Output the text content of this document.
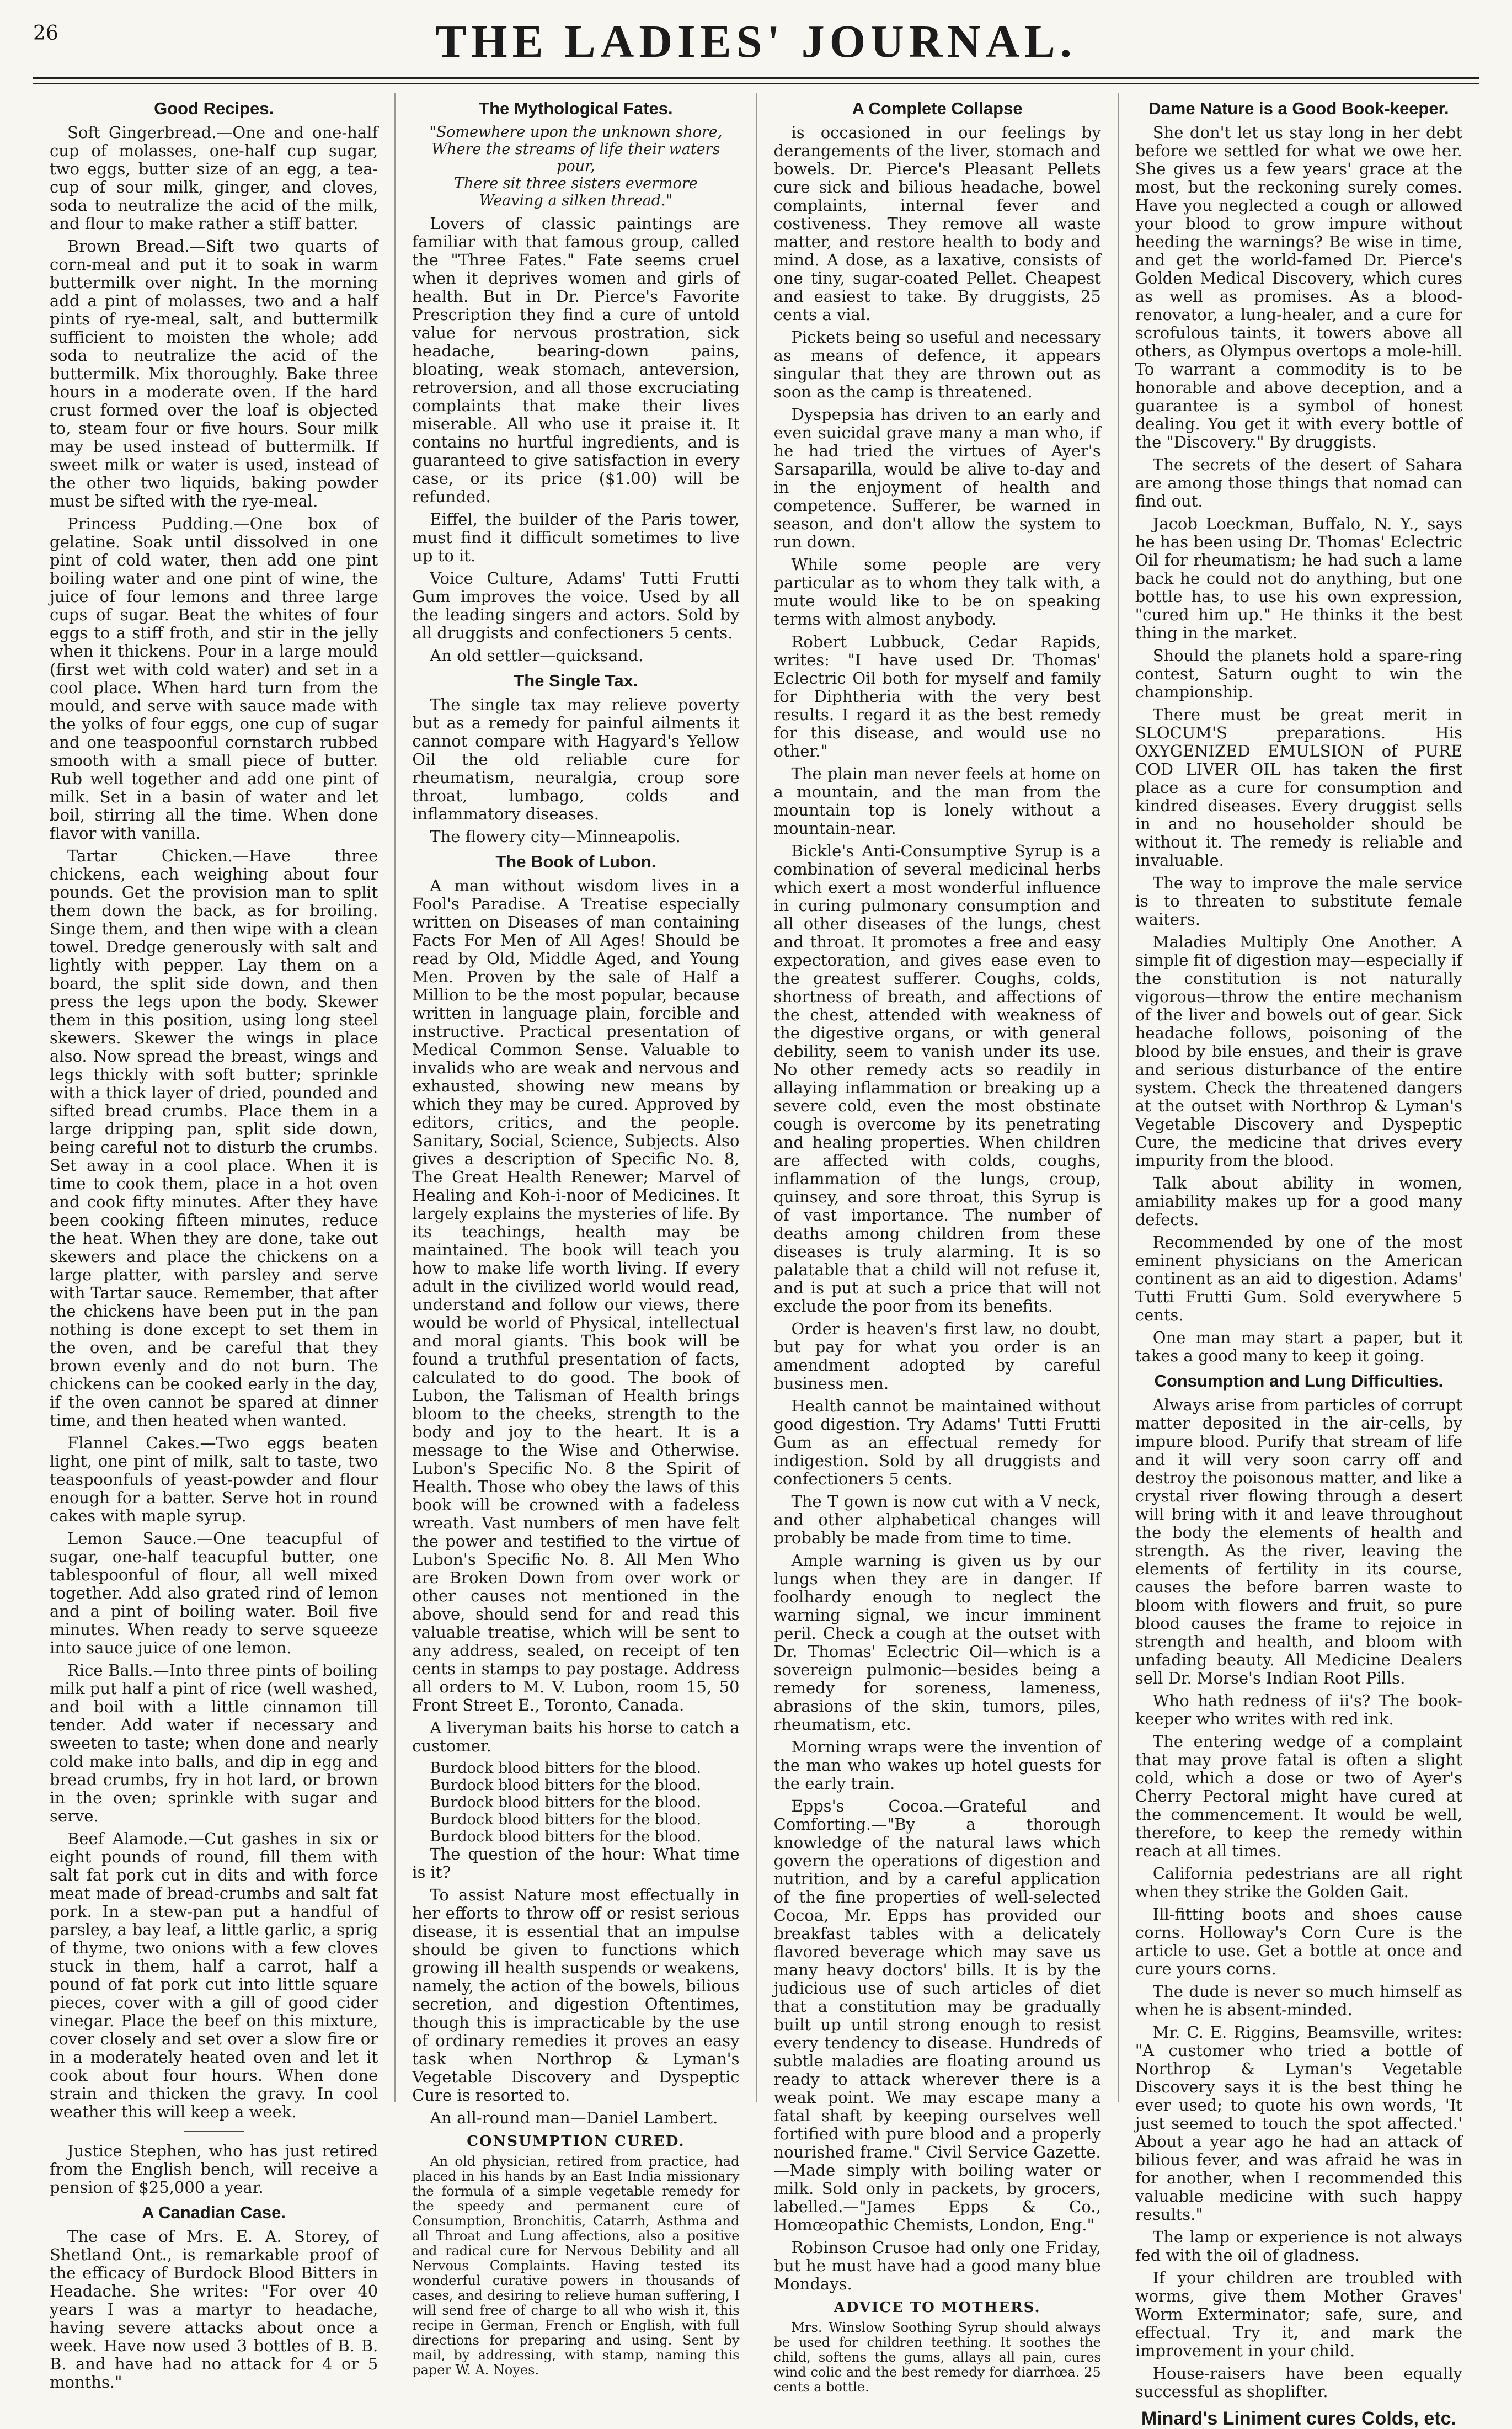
26	THE LADIES' JOURNAL.
Good Recipes.

Soft Gingerbread.—One and one-half cup of molasses, one-half cup sugar, two eggs, butter size of an egg, a tea-cup of sour milk, ginger, and cloves, soda to neutralize the acid of the milk, and flour to make rather a stiff batter.

Brown Bread.—Sift two quarts of corn-meal and put it to soak in warm buttermilk over night. In the morning add a pint of molasses, two and a half pints of rye-meal, salt, and buttermilk sufficient to moisten the whole; add soda to neutralize the acid of the buttermilk. Mix thoroughly. Bake three hours in a moderate oven. If the hard crust formed over the loaf is objected to, steam four or five hours. Sour milk may be used instead of buttermilk. If sweet milk or water is used, instead of the other two liquids, baking powder must be sifted with the rye-meal.

Princess Pudding.—One box of gelatine. Soak until dissolved in one pint of cold water, then add one pint boiling water and one pint of wine, the juice of four lemons and three large cups of sugar. Beat the whites of four eggs to a stiff froth, and stir in the jelly when it thickens. Pour in a large mould (first wet with cold water) and set in a cool place. When hard turn from the mould, and serve with sauce made with the yolks of four eggs, one cup of sugar and one teaspoonful cornstarch rubbed smooth with a small piece of butter. Rub well together and add one pint of milk. Set in a basin of water and let boil, stirring all the time. When done flavor with vanilla.

Tartar Chicken.—Have three chickens, each weighing about four pounds. Get the provision man to split them down the back, as for broiling. Singe them, and then wipe with a clean towel. Dredge generously with salt and lightly with pepper. Lay them on a board, the split side down, and then press the legs upon the body. Skewer them in this position, using long steel skewers. Skewer the wings in place also. Now spread the breast, wings and legs thickly with soft butter; sprinkle with a thick layer of dried, pounded and sifted bread crumbs. Place them in a large dripping pan, split side down, being careful not to disturb the crumbs. Set away in a cool place. When it is time to cook them, place in a hot oven and cook fifty minutes. After they have been cooking fifteen minutes, reduce the heat. When they are done, take out skewers and place the chickens on a large platter, with parsley and serve with Tartar sauce. Remember, that after the chickens have been put in the pan nothing is done except to set them in the oven, and be careful that they brown evenly and do not burn. The chickens can be cooked early in the day, if the oven cannot be spared at dinner time, and then heated when wanted.

Flannel Cakes.—Two eggs beaten light, one pint of milk, salt to taste, two teaspoonfuls of yeast-powder and flour enough for a batter. Serve hot in round cakes with maple syrup.

Lemon Sauce.—One teacupful of sugar, one-half teacupful butter, one tablespoonful of flour, all well mixed together. Add also grated rind of lemon and a pint of boiling water. Boil five minutes. When ready to serve squeeze into sauce juice of one lemon.

Rice Balls.—Into three pints of boiling milk put half a pint of rice (well washed, and boil with a little cinnamon till tender. Add water if necessary and sweeten to taste; when done and nearly cold make into balls, and dip in egg and bread crumbs, fry in hot lard, or brown in the oven; sprinkle with sugar and serve.

Beef Alamode.—Cut gashes in six or eight pounds of round, fill them with salt fat pork cut in dits and with force meat made of bread-crumbs and salt fat pork. In a stew-pan put a handful of parsley, a bay leaf, a little garlic, a sprig of thyme, two onions with a few cloves stuck in them, half a carrot, half a pound of fat pork cut into little square pieces, cover with a gill of good cider vinegar. Place the beef on this mixture, cover closely and set over a slow fire or in a moderately heated oven and let it cook about four hours. When done strain and thicken the gravy. In cool weather this will keep a week.

Justice Stephen, who has just retired from the English bench, will receive a pension of $25,000 a year.

A Canadian Case.

The case of Mrs. E. A. Storey, of Shetland Ont., is remarkable proof of the efficacy of Burdock Blood Bitters in Headache. She writes: "For over 40 years I was a martyr to headache, having severe attacks about once a week. Have now used 3 bottles of B. B. B. and have had no attack for 4 or 5 months."

The Mythological Fates.
"Somewhere upon the unknown shore,
Where the streams of life their waters pour,
There sit three sisters evermore
Weaving a silken thread."

Lovers of classic paintings are familiar with that famous group, called the "Three Fates." Fate seems cruel when it deprives women and girls of health. But in Dr. Pierce's Favorite Prescription they find a cure of untold value for nervous prostration, sick headache, bearing-down pains, bloating, weak stomach, anteversion, retroversion, and all those excruciating complaints that make their lives miserable. All who use it praise it. It contains no hurtful ingredients, and is guaranteed to give satisfaction in every case, or its price ($1.00) will be refunded.

Eiffel, the builder of the Paris tower, must find it difficult sometimes to live up to it.

Voice Culture, Adams' Tutti Frutti Gum improves the voice. Used by all the leading singers and actors. Sold by all druggists and confectioners 5 cents.

An old settler—quicksand.

The Single Tax.

The single tax may relieve poverty but as a remedy for painful ailments it cannot compare with Hagyard's Yellow Oil the old reliable cure for rheumatism, neuralgia, croup sore throat, lumbago, colds and inflammatory diseases.

The flowery city—Minneapolis.

The Book of Lubon.

A man without wisdom lives in a Fool's Paradise. A Treatise especially written on Diseases of man containing Facts For Men of All Ages! Should be read by Old, Middle Aged, and Young Men. Proven by the sale of Half a Million to be the most popular, because written in language plain, forcible and instructive. Practical presentation of Medical Common Sense. Valuable to invalids who are weak and nervous and exhausted, showing new means by which they may be cured. Approved by editors, critics, and the people. Sanitary, Social, Science, Subjects. Also gives a description of Specific No. 8, The Great Health Renewer; Marvel of Healing and Koh-i-noor of Medicines. It largely explains the mysteries of life. By its teachings, health may be maintained. The book will teach you how to make life worth living. If every adult in the civilized world would read, understand and follow our views, there would be world of Physical, intellectual and moral giants. This book will be found a truthful presentation of facts, calculated to do good. The book of Lubon, the Talisman of Health brings bloom to the cheeks, strength to the body and joy to the heart. It is a message to the Wise and Otherwise. Lubon's Specific No. 8 the Spirit of Health. Those who obey the laws of this book will be crowned with a fadeless wreath. Vast numbers of men have felt the power and testified to the virtue of Lubon's Specific No. 8. All Men Who are Broken Down from over work or other causes not mentioned in the above, should send for and read this valuable treatise, which will be sent to any address, sealed, on receipt of ten cents in stamps to pay postage. Address all orders to M. V. Lubon, room 15, 50 Front Street E., Toronto, Canada.

A liveryman baits his horse to catch a customer.

Burdock blood bitters for the blood.

Burdock blood bitters for the blood.

Burdock blood bitters for the blood.

Burdock blood bitters for the blood.

Burdock blood bitters for the blood.

The question of the hour: What time is it?

To assist Nature most effectually in her efforts to throw off or resist serious disease, it is essential that an impulse should be given to functions which growing ill health suspends or weakens, namely, the action of the bowels, bilious secretion, and digestion Oftentimes, though this is impracticable by the use of ordinary remedies it proves an easy task when Northrop & Lyman's Vegetable Discovery and Dyspeptic Cure is resorted to.

An all-round man—Daniel Lambert.

CONSUMPTION CURED.

An old physician, retired from practice, had placed in his hands by an East India missionary the formula of a simple vegetable remedy for the speedy and permanent cure of Consumption, Bronchitis, Catarrh, Asthma and all Throat and Lung affections, also a positive and radical cure for Nervous Debility and all Nervous Complaints. Having tested its wonderful curative powers in thousands of cases, and desiring to relieve human suffering, I will send free of charge to all who wish it, this recipe in German, French or English, with full directions for preparing and using. Sent by mail, by addressing, with stamp, naming this paper W. A. Noyes.

A Complete Collapse

is occasioned in our feelings by derangements of the liver, stomach and bowels. Dr. Pierce's Pleasant Pellets cure sick and bilious headache, bowel complaints, internal fever and costiveness. They remove all waste matter, and restore health to body and mind. A dose, as a laxative, consists of one tiny, sugar-coated Pellet. Cheapest and easiest to take. By druggists, 25 cents a vial.

Pickets being so useful and necessary as means of defence, it appears singular that they are thrown out as soon as the camp is threatened.

Dyspepsia has driven to an early and even suicidal grave many a man who, if he had tried the virtues of Ayer's Sarsaparilla, would be alive to-day and in the enjoyment of health and competence. Sufferer, be warned in season, and don't allow the system to run down.

While some people are very particular as to whom they talk with, a mute would like to be on speaking terms with almost anybody.

Robert Lubbuck, Cedar Rapids, writes: "I have used Dr. Thomas' Eclectric Oil both for myself and family for Diphtheria with the very best results. I regard it as the best remedy for this disease, and would use no other."

The plain man never feels at home on a mountain, and the man from the mountain top is lonely without a mountain-near.

Bickle's Anti-Consumptive Syrup is a combination of several medicinal herbs which exert a most wonderful influence in curing pulmonary consumption and all other diseases of the lungs, chest and throat. It promotes a free and easy expectoration, and gives ease even to the greatest sufferer. Coughs, colds, shortness of breath, and affections of the chest, attended with weakness of the digestive organs, or with general debility, seem to vanish under its use. No other remedy acts so readily in allaying inflammation or breaking up a severe cold, even the most obstinate cough is overcome by its penetrating and healing properties. When children are affected with colds, coughs, inflammation of the lungs, croup, quinsey, and sore throat, this Syrup is of vast importance. The number of deaths among children from these diseases is truly alarming. It is so palatable that a child will not refuse it, and is put at such a price that will not exclude the poor from its benefits.

Order is heaven's first law, no doubt, but pay for what you order is an amendment adopted by careful business men.

Health cannot be maintained without good digestion. Try Adams' Tutti Frutti Gum as an effectual remedy for indigestion. Sold by all druggists and confectioners 5 cents.

The T gown is now cut with a V neck, and other alphabetical changes will probably be made from time to time.

Ample warning is given us by our lungs when they are in danger. If foolhardy enough to neglect the warning signal, we incur imminent peril. Check a cough at the outset with Dr. Thomas' Eclectric Oil—which is a sovereign pulmonic—besides being a remedy for soreness, lameness, abrasions of the skin, tumors, piles, rheumatism, etc.

Morning wraps were the invention of the man who wakes up hotel guests for the early train.

Epps's Cocoa.—Grateful and Comforting.—"By a thorough knowledge of the natural laws which govern the operations of digestion and nutrition, and by a careful application of the fine properties of well-selected Cocoa, Mr. Epps has provided our breakfast tables with a delicately flavored beverage which may save us many heavy doctors' bills. It is by the judicious use of such articles of diet that a constitution may be gradually built up until strong enough to resist every tendency to disease. Hundreds of subtle maladies are floating around us ready to attack wherever there is a weak point. We may escape many a fatal shaft by keeping ourselves well fortified with pure blood and a properly nourished frame." Civil Service Gazette.—Made simply with boiling water or milk. Sold only in packets, by grocers, labelled.—"James Epps & Co., Homœopathic Chemists, London, Eng."

Robinson Crusoe had only one Friday, but he must have had a good many blue Mondays.

ADVICE TO MOTHERS.

Mrs. Winslow Soothing Syrup should always be used for children teething. It soothes the child, softens the gums, allays all pain, cures wind colic and the best remedy for diarrhœa. 25 cents a bottle.

Dame Nature is a Good Book-keeper.

She don't let us stay long in her debt before we settled for what we owe her. She gives us a few years' grace at the most, but the reckoning surely comes. Have you neglected a cough or allowed your blood to grow impure without heeding the warnings? Be wise in time, and get the world-famed Dr. Pierce's Golden Medical Discovery, which cures as well as promises. As a blood-renovator, a lung-healer, and a cure for scrofulous taints, it towers above all others, as Olympus overtops a mole-hill. To warrant a commodity is to be honorable and above deception, and a guarantee is a symbol of honest dealing. You get it with every bottle of the "Discovery." By druggists.

The secrets of the desert of Sahara are among those things that nomad can find out.

Jacob Loeckman, Buffalo, N. Y., says he has been using Dr. Thomas' Eclectric Oil for rheumatism; he had such a lame back he could not do anything, but one bottle has, to use his own expression, "cured him up." He thinks it the best thing in the market.

Should the planets hold a spare-ring contest, Saturn ought to win the championship.

There must be great merit in SLOCUM'S preparations. His OXYGENIZED EMULSION of PURE COD LIVER OIL has taken the first place as a cure for consumption and kindred diseases. Every druggist sells in and no householder should be without it. The remedy is reliable and invaluable.

The way to improve the male service is to threaten to substitute female waiters.

Maladies Multiply One Another. A simple fit of digestion may—especially if the constitution is not naturally vigorous—throw the entire mechanism of the liver and bowels out of gear. Sick headache follows, poisoning of the blood by bile ensues, and their is grave and serious disturbance of the entire system. Check the threatened dangers at the outset with Northrop & Lyman's Vegetable Discovery and Dyspeptic Cure, the medicine that drives every impurity from the blood.

Talk about ability in women, amiability makes up for a good many defects.

Recommended by one of the most eminent physicians on the American continent as an aid to digestion. Adams' Tutti Frutti Gum. Sold everywhere 5 cents.

One man may start a paper, but it takes a good many to keep it going.

Consumption and Lung Difficulties.

Always arise from particles of corrupt matter deposited in the air-cells, by impure blood. Purify that stream of life and it will very soon carry off and destroy the poisonous matter, and like a crystal river flowing through a desert will bring with it and leave throughout the body the elements of health and strength. As the river, leaving the elements of fertility in its course, causes the before barren waste to bloom with flowers and fruit, so pure blood causes the frame to rejoice in strength and health, and bloom with unfading beauty. All Medicine Dealers sell Dr. Morse's Indian Root Pills.

Who hath redness of ii's? The book-keeper who writes with red ink.

The entering wedge of a complaint that may prove fatal is often a slight cold, which a dose or two of Ayer's Cherry Pectoral might have cured at the commencement. It would be well, therefore, to keep the remedy within reach at all times.

California pedestrians are all right when they strike the Golden Gait.

Ill-fitting boots and shoes cause corns. Holloway's Corn Cure is the article to use. Get a bottle at once and cure yours corns.

The dude is never so much himself as when he is absent-minded.

Mr. C. E. Riggins, Beamsville, writes: "A customer who tried a bottle of Northrop & Lyman's Vegetable Discovery says it is the best thing he ever used; to quote his own words, 'It just seemed to touch the spot affected.' About a year ago he had an attack of bilious fever, and was afraid he was in for another, when I recommended this valuable medicine with such happy results."

The lamp or experience is not always fed with the oil of gladness.

If your children are troubled with worms, give them Mother Graves' Worm Exterminator; safe, sure, and effectual. Try it, and mark the improvement in your child.

House-raisers have been equally successful as shoplifter.

Minard's Liniment cures Colds, etc.
